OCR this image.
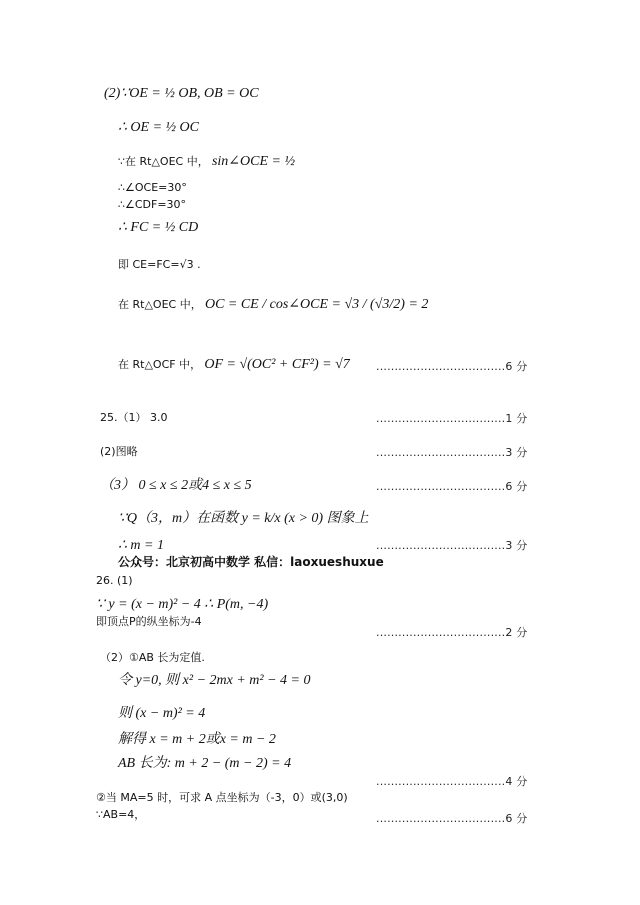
(2)∵OE = ½ OB, OB = OC
∴ OE = ½ OC
∵在 Rt△OEC 中， sin∠OCE = ½
∴∠OCE=30°
∴∠CDF=30°
∴ FC = ½ CD
即 CE=FC=√3 .
在 Rt△OEC 中， OC = CE / cos∠OCE = √3 / (√3/2) = 2
在 Rt△OCF 中， OF = √(OC² + CF²) = √7 ...................................6 分
25.（1） 3.0	...................................1 分
(2)图略	...................................3 分
（3） 0 ≤ x ≤ 2或4 ≤ x ≤ 5	...................................6 分
∵Q（3，m）在函数 y = k/x (x > 0) 图象上
∴ m = 1	...................................3 分
公众号：北京初高中数学 私信：laoxueshuxue
26. (1)
∵ y = (x − m)² − 4 ∴ P(m, −4)
即顶点P的纵坐标为-4
...................................2 分
（2）①AB 长为定值.
令 y=0, 则 x² − 2mx + m² − 4 = 0
则 (x − m)² = 4
解得 x = m + 2或x = m − 2
AB 长为: m + 2 − (m − 2) = 4
...................................4 分
②当 MA=5 时，可求 A 点坐标为（-3，0）或(3,0)
∵AB=4，	...................................6 分
